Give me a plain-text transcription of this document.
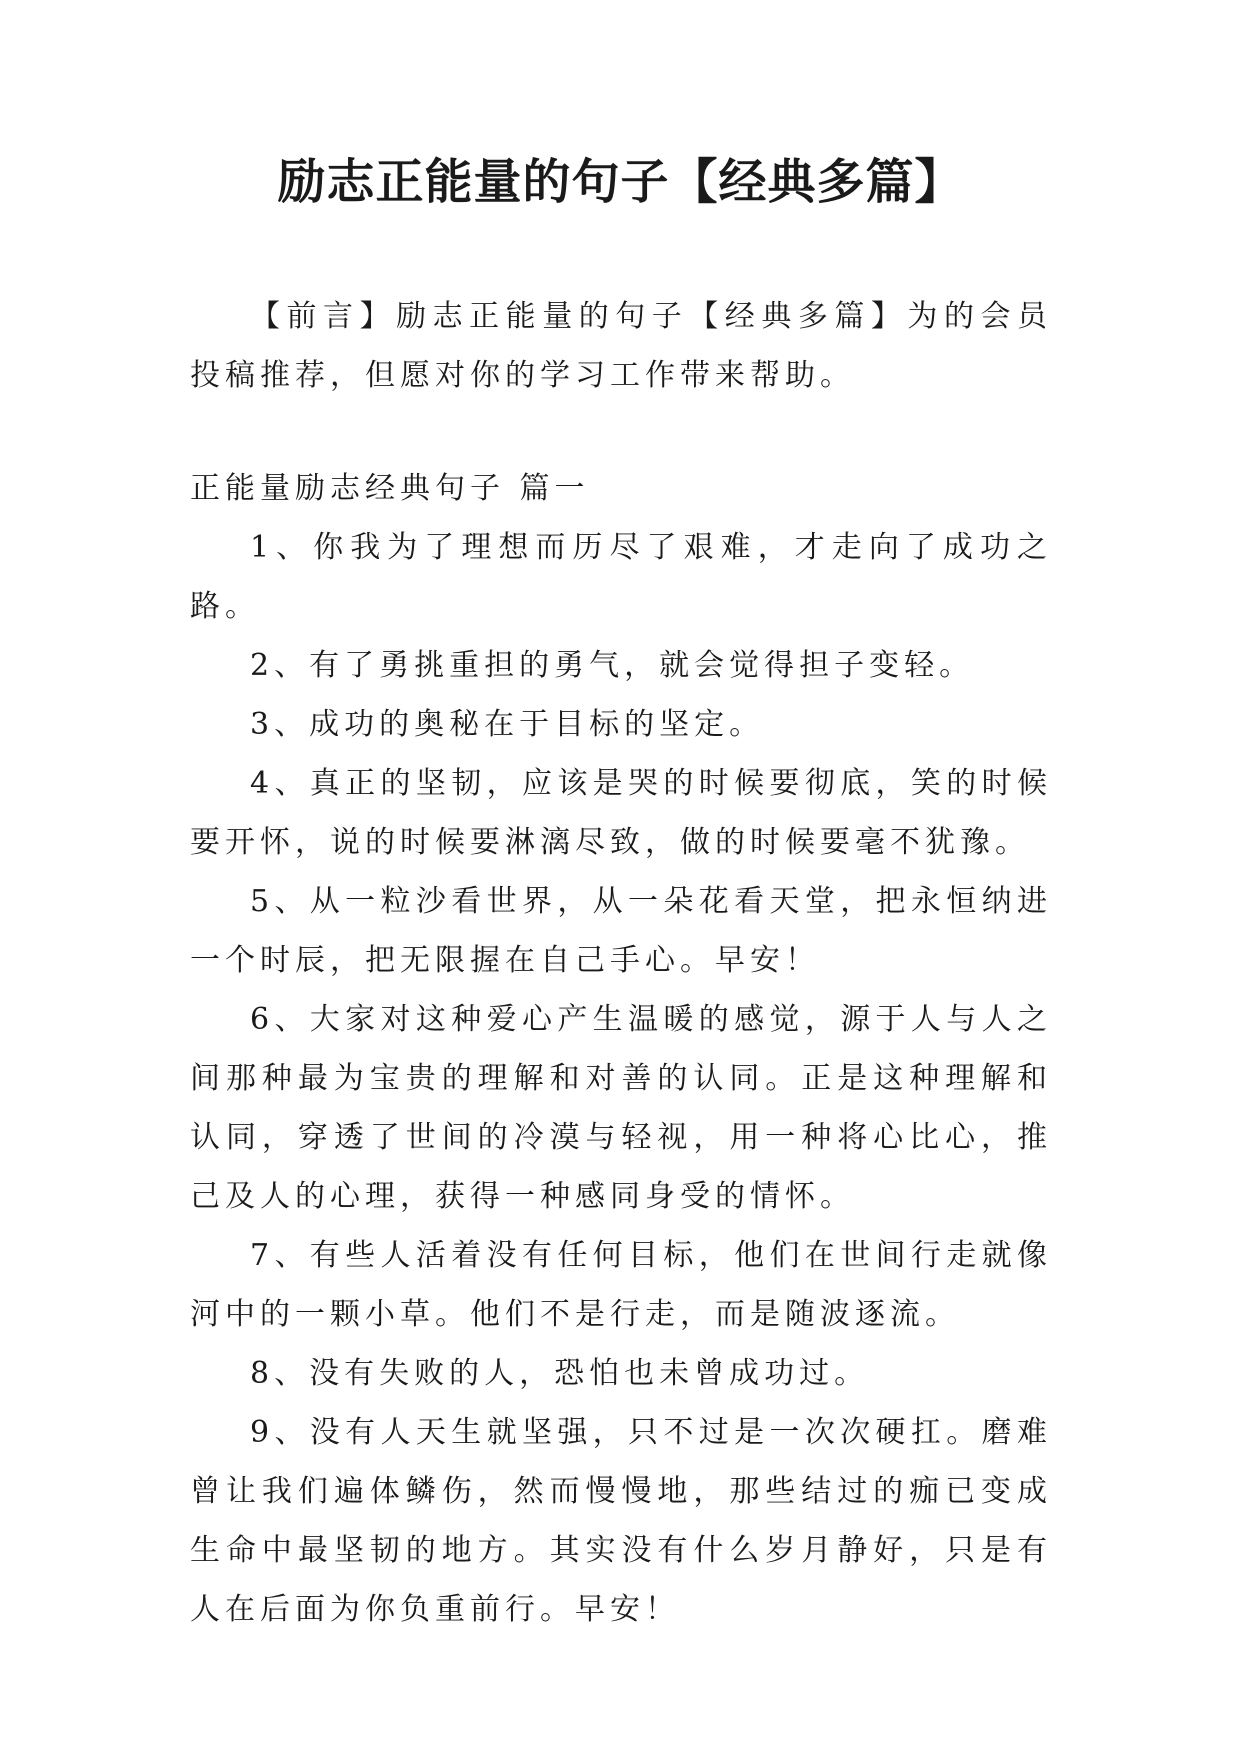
励志正能量的句子【经典多篇】

【前言】励志正能量的句子【经典多篇】为的会员投稿推荐，但愿对你的学习工作带来帮助。

正能量励志经典句子 篇一

1、你我为了理想而历尽了艰难，才走向了成功之路。

2、有了勇挑重担的勇气，就会觉得担子变轻。

3、成功的奥秘在于目标的坚定。

4、真正的坚韧，应该是哭的时候要彻底，笑的时候要开怀，说的时候要淋漓尽致，做的时候要毫不犹豫。

5、从一粒沙看世界，从一朵花看天堂，把永恒纳进一个时辰，把无限握在自己手心。早安！

6、大家对这种爱心产生温暖的感觉，源于人与人之间那种最为宝贵的理解和对善的认同。正是这种理解和认同，穿透了世间的冷漠与轻视，用一种将心比心，推己及人的心理，获得一种感同身受的情怀。

7、有些人活着没有任何目标，他们在世间行走就像河中的一颗小草。他们不是行走，而是随波逐流。

8、没有失败的人，恐怕也未曾成功过。

9、没有人天生就坚强，只不过是一次次硬扛。磨难曾让我们遍体鳞伤，然而慢慢地，那些结过的痂已变成生命中最坚韧的地方。其实没有什么岁月静好，只是有人在后面为你负重前行。早安！
